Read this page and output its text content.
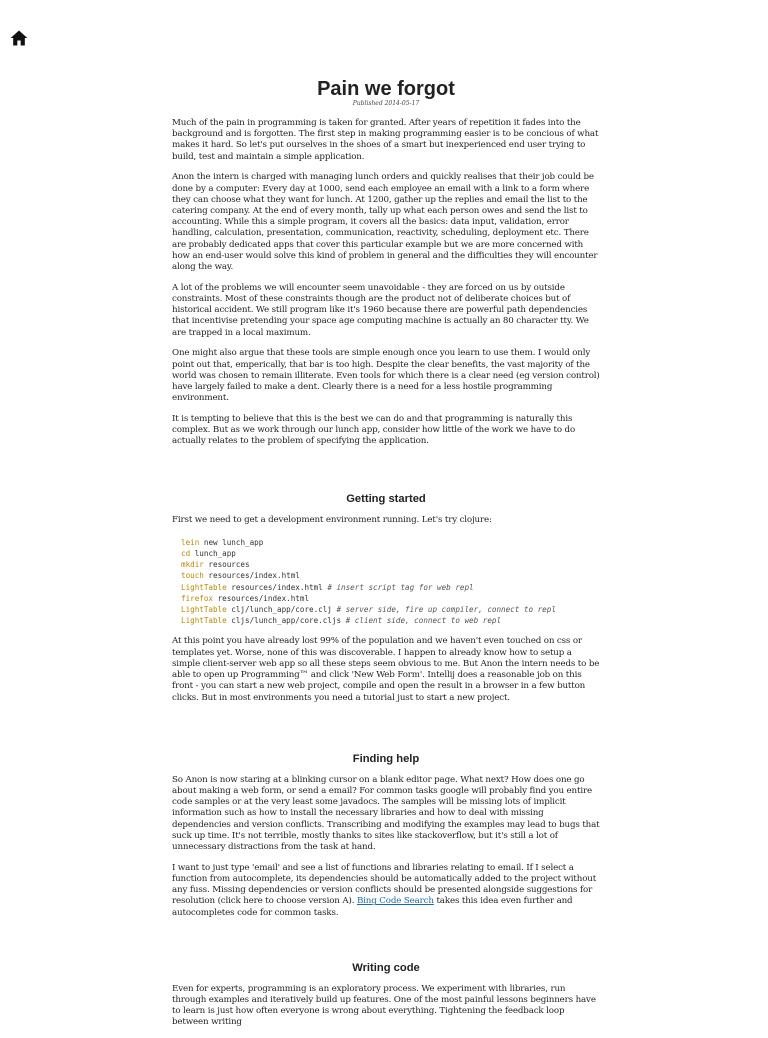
Pain we forgot
Published 2014-05-17

Much of the pain in programming is taken for granted. After years of repetition it fades into the background and is forgotten. The first step in making programming easier is to be concious of what makes it hard. So let's put ourselves in the shoes of a smart but inexperienced end user trying to build, test and maintain a simple application.

Anon the intern is charged with managing lunch orders and quickly realises that their job could be done by a computer: Every day at 1000, send each employee an email with a link to a form where they can choose what they want for lunch. At 1200, gather up the replies and email the list to the catering company. At the end of every month, tally up what each person owes and send the list to accounting. While this a simple program, it covers all the basics: data input, validation, error handling, calculation, presentation, communication, reactivity, scheduling, deployment etc. There are probably dedicated apps that cover this particular example but we are more concerned with how an end-user would solve this kind of problem in general and the difficulties they will encounter along the way.

A lot of the problems we will encounter seem unavoidable - they are forced on us by outside constraints. Most of these constraints though are the product not of deliberate choices but of historical accident. We still program like it's 1960 because there are powerful path dependencies that incentivise pretending your space age computing machine is actually an 80 character tty. We are trapped in a local maximum.

One might also argue that these tools are simple enough once you learn to use them. I would only point out that, emperically, that bar is too high. Despite the clear benefits, the vast majority of the world was chosen to remain illiterate. Even tools for which there is a clear need (eg version control) have largely failed to make a dent. Clearly there is a need for a less hostile programming environment.

It is tempting to believe that this is the best we can do and that programming is naturally this complex. But as we work through our lunch app, consider how little of the work we have to do actually relates to the problem of specifying the application.

Getting started

First we need to get a development environment running. Let's try clojure:

lein new lunch_app
cd lunch_app
mkdir resources
touch resources/index.html
LightTable resources/index.html # insert script tag for web repl
firefox resources/index.html
LightTable clj/lunch_app/core.clj # server side, fire up compiler, connect to repl
LightTable cljs/lunch_app/core.cljs # client side, connect to web repl

At this point you have already lost 99% of the population and we haven't even touched on css or templates yet. Worse, none of this was discoverable. I happen to already know how to setup a simple client-server web app so all these steps seem obvious to me. But Anon the intern needs to be able to open up Programming™ and click 'New Web Form'. Intellij does a reasonable job on this front - you can start a new web project, compile and open the result in a browser in a few button clicks. But in most environments you need a tutorial just to start a new project.

Finding help

So Anon is now staring at a blinking cursor on a blank editor page. What next? How does one go about making a web form, or send a email? For common tasks google will probably find you entire code samples or at the very least some javadocs. The samples will be missing lots of implicit information such as how to install the necessary libraries and how to deal with missing dependencies and version conflicts. Transcribing and modifying the examples may lead to bugs that suck up time. It's not terrible, mostly thanks to sites like stackoverflow, but it's still a lot of unnecessary distractions from the task at hand.

I want to just type 'email' and see a list of functions and libraries relating to email. If I select a function from autocomplete, its dependencies should be automatically added to the project without any fuss. Missing dependencies or version conflicts should be presented alongside suggestions for resolution (click here to choose version A). Bing Code Search takes this idea even further and autocompletes code for common tasks.

Writing code

Even for experts, programming is an exploratory process. We experiment with libraries, run through examples and iteratively build up features. One of the most painful lessons beginners have to learn is just how often everyone is wrong about everything. Tightening the feedback loop between writing
